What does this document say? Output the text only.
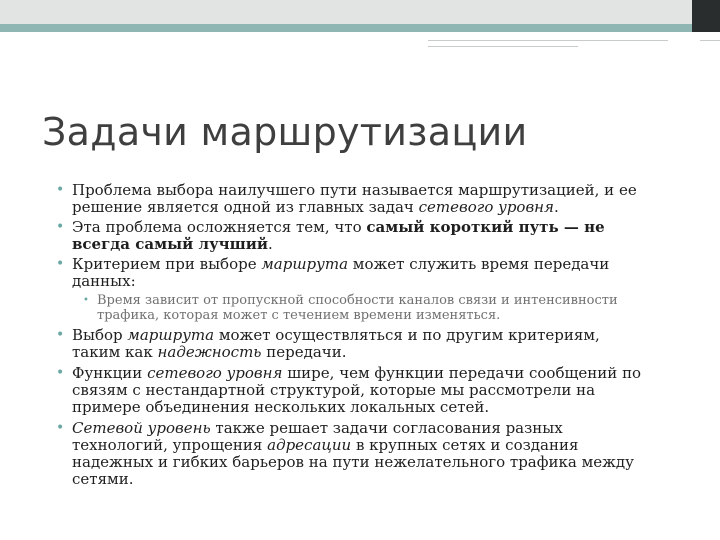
Задачи маршрутизации
• Проблема выбора наилучшего пути называется маршрутизацией, и ее
решение является одной из главных задач сетевого уровня.
• Эта проблема осложняется тем, что самый короткий путь — не
всегда самый лучший.
• Критерием при выборе маршрута может служить время передачи
данных:
• Время зависит от пропускной способности каналов связи и интенсивности
трафика, которая может с течением времени изменяться.
• Выбор маршрута может осуществляться и по другим критериям,
таким как надежность передачи.
• Функции сетевого уровня шире, чем функции передачи сообщений по
связям с нестандартной структурой, которые мы рассмотрели на
примере объединения нескольких локальных сетей.
• Сетевой уровень также решает задачи согласования разных
технологий, упрощения адресации в крупных сетях и создания
надежных и гибких барьеров на пути нежелательного трафика между
сетями.
